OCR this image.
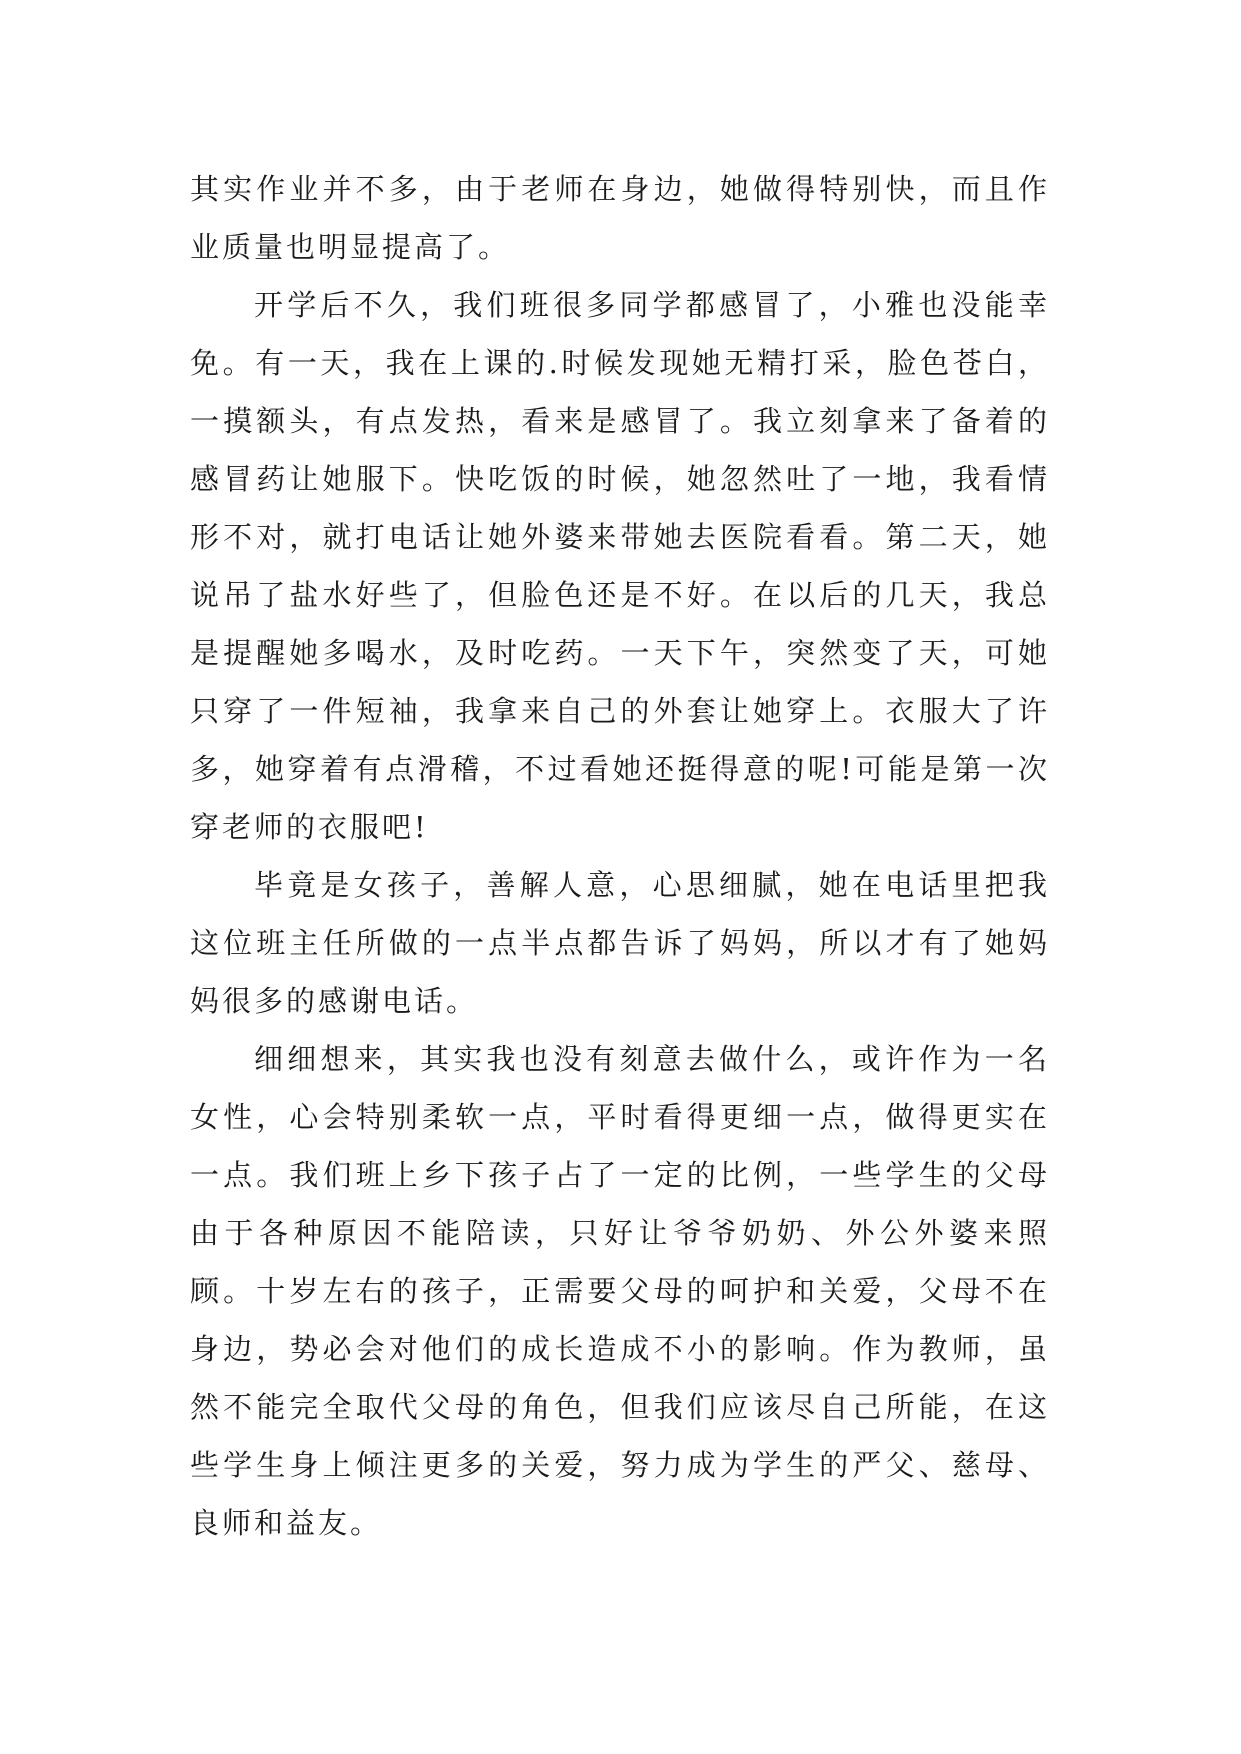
其实作业并不多，由于老师在身边，她做得特别快，而且作业质量也明显提高了。

开学后不久，我们班很多同学都感冒了，小雅也没能幸免。有一天，我在上课的.时候发现她无精打采，脸色苍白，一摸额头，有点发热，看来是感冒了。我立刻拿来了备着的感冒药让她服下。快吃饭的时候，她忽然吐了一地，我看情形不对，就打电话让她外婆来带她去医院看看。第二天，她说吊了盐水好些了，但脸色还是不好。在以后的几天，我总是提醒她多喝水，及时吃药。一天下午，突然变了天，可她只穿了一件短袖，我拿来自己的外套让她穿上。衣服大了许多，她穿着有点滑稽，不过看她还挺得意的呢!可能是第一次穿老师的衣服吧!

毕竟是女孩子，善解人意，心思细腻，她在电话里把我这位班主任所做的一点半点都告诉了妈妈，所以才有了她妈妈很多的感谢电话。

细细想来，其实我也没有刻意去做什么，或许作为一名女性，心会特别柔软一点，平时看得更细一点，做得更实在一点。我们班上乡下孩子占了一定的比例，一些学生的父母由于各种原因不能陪读，只好让爷爷奶奶、外公外婆来照顾。十岁左右的孩子，正需要父母的呵护和关爱，父母不在身边，势必会对他们的成长造成不小的影响。作为教师，虽然不能完全取代父母的角色，但我们应该尽自己所能，在这些学生身上倾注更多的关爱，努力成为学生的严父、慈母、良师和益友。
